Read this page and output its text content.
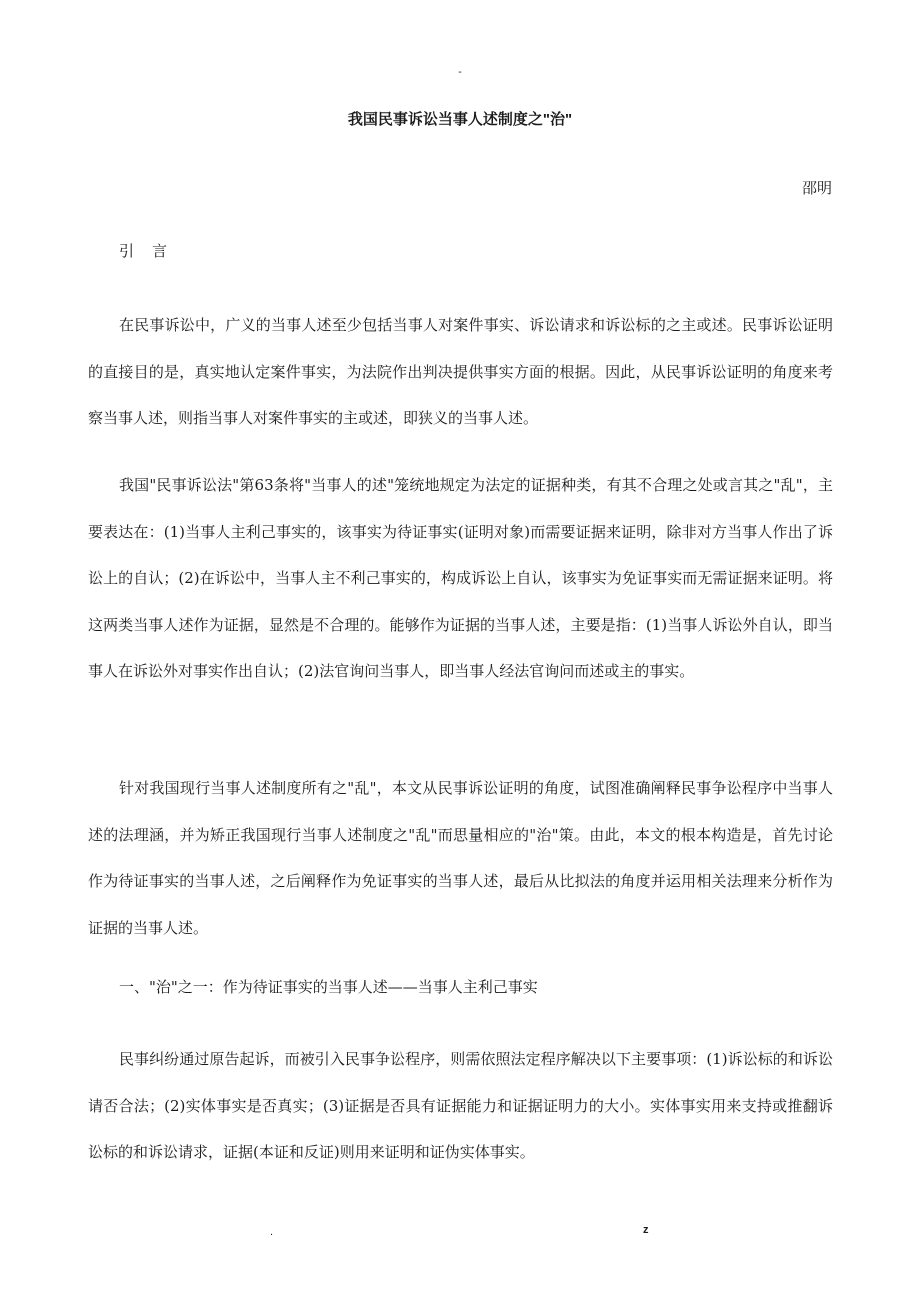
-
我国民事诉讼当事人述制度之"治"
邵明
引言

在民事诉讼中，广义的当事人述至少包括当事人对案件事实、诉讼请求和诉讼标的之主或述。民事诉讼证明的直接目的是，真实地认定案件事实，为法院作出判决提供事实方面的根据。因此，从民事诉讼证明的角度来考察当事人述，则指当事人对案件事实的主或述，即狭义的当事人述。

我国"民事诉讼法"第63条将"当事人的述"笼统地规定为法定的证据种类，有其不合理之处或言其之"乱"，主要表达在：(1)当事人主利己事实的，该事实为待证事实(证明对象)而需要证据来证明，除非对方当事人作出了诉讼上的自认；(2)在诉讼中，当事人主不利己事实的，构成诉讼上自认，该事实为免证事实而无需证据来证明。将这两类当事人述作为证据，显然是不合理的。能够作为证据的当事人述，主要是指：(1)当事人诉讼外自认，即当事人在诉讼外对事实作出自认；(2)法官询问当事人，即当事人经法官询问而述或主的事实。

针对我国现行当事人述制度所有之"乱"，本文从民事诉讼证明的角度，试图准确阐释民事争讼程序中当事人述的法理涵，并为矫正我国现行当事人述制度之"乱"而思量相应的"治"策。由此，本文的根本构造是，首先讨论作为待证事实的当事人述，之后阐释作为免证事实的当事人述，最后从比拟法的角度并运用相关法理来分析作为证据的当事人述。

一、"治"之一：作为待证事实的当事人述——当事人主利己事实

民事纠纷通过原告起诉，而被引入民事争讼程序，则需依照法定程序解决以下主要事项：(1)诉讼标的和诉讼请否合法；(2)实体事实是否真实；(3)证据是否具有证据能力和证据证明力的大小。实体事实用来支持或推翻诉讼标的和诉讼请求，证据(本证和反证)则用来证明和证伪实体事实。

.	z
